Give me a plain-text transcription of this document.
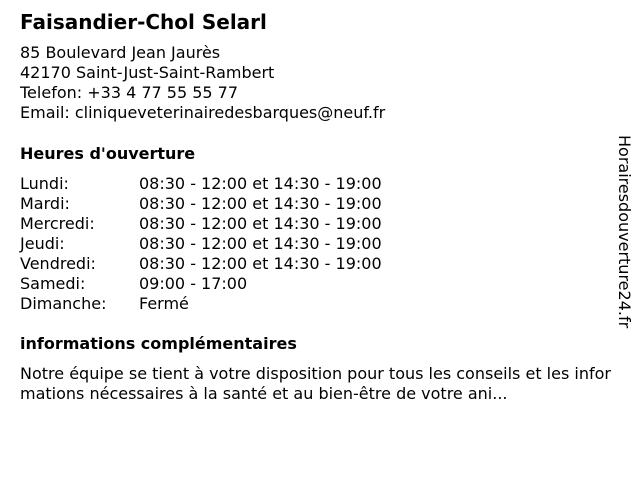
Faisandier-Chol Selarl
85 Boulevard Jean Jaurès
42170 Saint-Just-Saint-Rambert
Telefon: +33 4 77 55 55 77
Email: cliniqueveterinairedesbarques@neuf.fr
Heures d'ouverture
Lundi:	08:30 - 12:00 et 14:30 - 19:00
Mardi:	08:30 - 12:00 et 14:30 - 19:00
Mercredi:	08:30 - 12:00 et 14:30 - 19:00
Jeudi:	08:30 - 12:00 et 14:30 - 19:00
Vendredi:	08:30 - 12:00 et 14:30 - 19:00
Samedi:	09:00 - 17:00
Dimanche: Fermé
informations complémentaires

Notre équipe se tient à votre disposition pour tous les conseils et les informations nécessaires à la santé et au bien-être de votre ani...

Horairesdouverture24.fr
